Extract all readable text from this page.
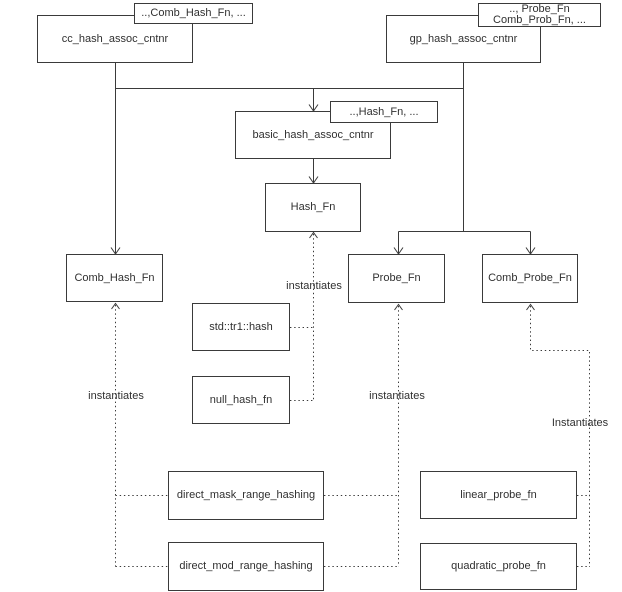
cc_hash_assoc_cntnr	gp_hash_assoc_cntnr
basic_hash_assoc_cntnr
Hash_Fn
Comb_Hash_Fn	Probe_Fn	Comb_Probe_Fn
std::tr1::hash
null_hash_fn
direct_mask_range_hashing
direct_mod_range_hashing
linear_probe_fn
quadratic_probe_fn
..,Comb_Hash_Fn, ...	.., Probe_Fn
Comb_Prob_Fn, ...
..,Hash_Fn, ...
instantiates
instantiates
instantiates
Instantiates
